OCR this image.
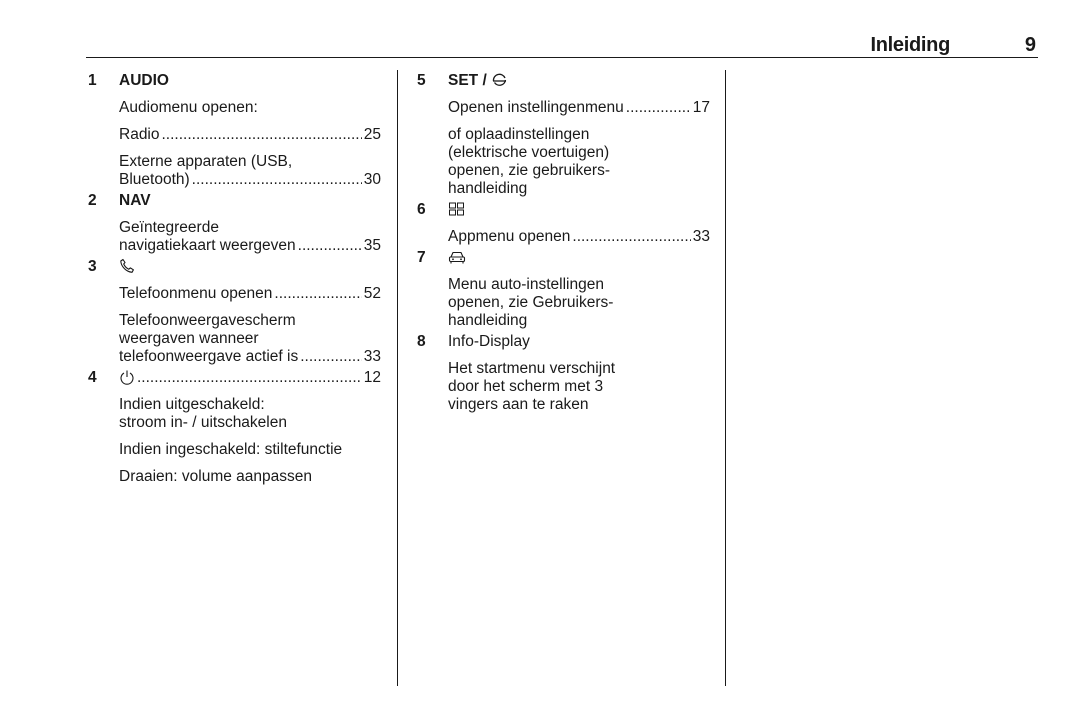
Inleiding	9
1 AUDIO
Audiomenu openen:
Radio .....	25
Externe apparaten (USB,
Bluetooth) .....	30
2 NAV
Geïntegreerde
navigatiekaart weergeven .....	35
3
Telefoonmenu openen .....	52
Telefoonweergavescherm
weergaven wanneer
telefoonweergave actief is .....	33
4 .....	12
Indien uitgeschakeld:
stroom in- / uitschakelen
Indien ingeschakeld: stiltefunctie
Draaien: volume aanpassen
5 SET /
Openen instellingenmenu .....	17
of oplaadinstellingen
(elektrische voertuigen)
openen, zie gebruikers-
handleiding
6
Appmenu openen .....	33
7
Menu auto-instellingen
openen, zie Gebruikers-
handleiding
8 Info-Display
Het startmenu verschijnt
door het scherm met 3
vingers aan te raken
